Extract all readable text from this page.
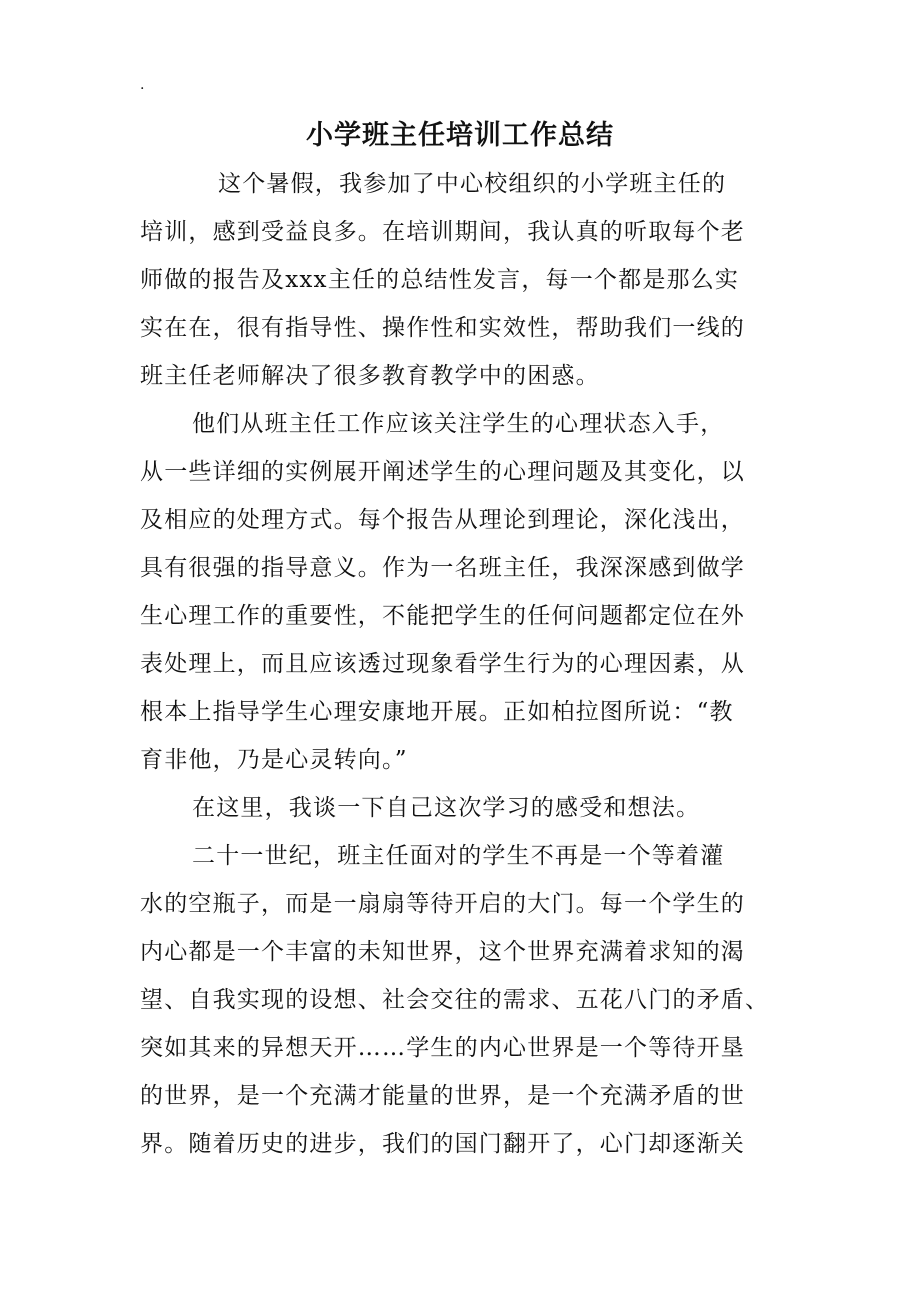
.
小学班主任培训工作总结
这个暑假，我参加了中心校组织的小学班主任的
培训，感到受益良多。在培训期间，我认真的听取每个老
师做的报告及xxx主任的总结性发言，每一个都是那么实
实在在，很有指导性、操作性和实效性，帮助我们一线的
班主任老师解决了很多教育教学中的困惑。
他们从班主任工作应该关注学生的心理状态入手，
从一些详细的实例展开阐述学生的心理问题及其变化，以
及相应的处理方式。每个报告从理论到理论，深化浅出，
具有很强的指导意义。作为一名班主任，我深深感到做学
生心理工作的重要性，不能把学生的任何问题都定位在外
表处理上，而且应该透过现象看学生行为的心理因素，从
根本上指导学生心理安康地开展。正如柏拉图所说：“教
育非他，乃是心灵转向。”
在这里，我谈一下自己这次学习的感受和想法。
二十一世纪，班主任面对的学生不再是一个等着灌
水的空瓶子，而是一扇扇等待开启的大门。每一个学生的
内心都是一个丰富的未知世界，这个世界充满着求知的渴
望、自我实现的设想、社会交往的需求、五花八门的矛盾、
突如其来的异想天开……学生的内心世界是一个等待开垦
的世界，是一个充满才能量的世界，是一个充满矛盾的世
界。随着历史的进步，我们的国门翻开了，心门却逐渐关
